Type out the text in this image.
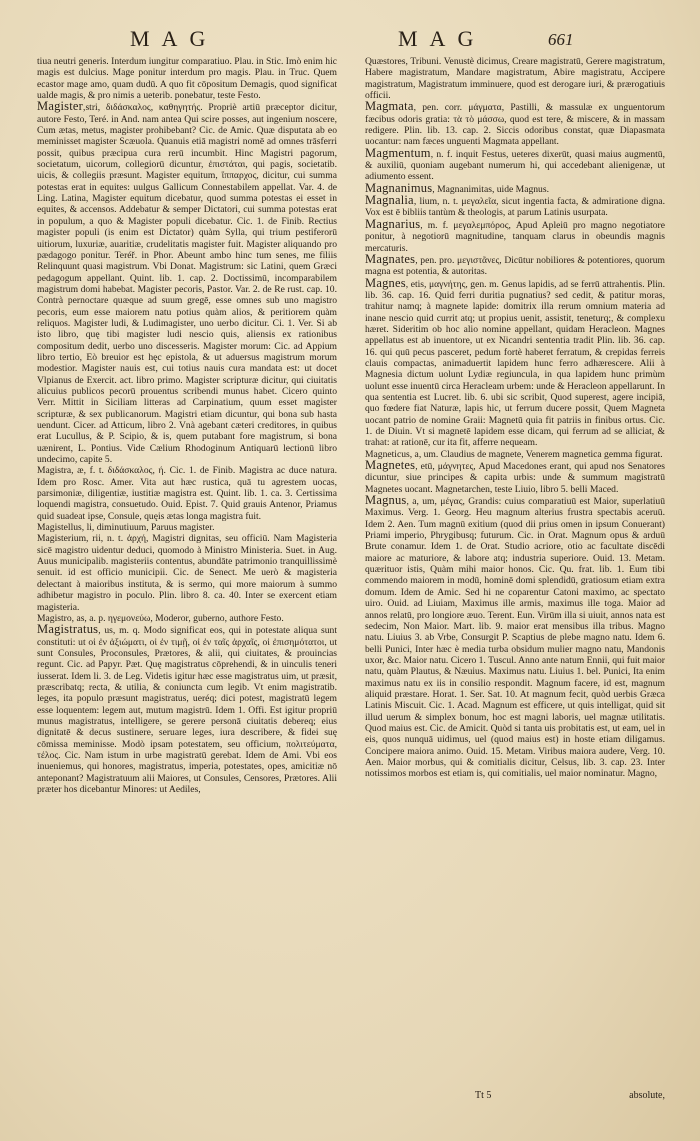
MAG	MAG	661

tiua neutri generis. Interdum iungitur comparatiuo. Plau. in Stic. Imò enim hic magis est dulcius. Mage ponitur interdum pro magis. Plau. in Truc. Quem ecastor mage amo, quam dudū. A quo fit cōpositum Demagis, quod significat ualde magis, & pro nimis a ueterib. ponebatur, teste Festo.

Magister,stri, διδάσκαλος, καθηγητής. Propriè artiū præceptor dicitur, autore Festo, Teré. in And. nam antea Qui scire posses, aut ingenium noscere, Cum ætas, metus, magister prohibebant? Cic. de Amic. Quæ disputata ab eo meminisset magister Scæuola. Quanuis etiā magistri nomē ad omnes trāsferri possit, quibus præcipua cura rerū incumbit. Hinc Magistri pagorum, societatum, uicorum, collegiorū dicuntur, ἐπιστάται, qui pagis, societatib. uicis, & collegiis præsunt. Magister equitum, ἵππαρχος, dicitur, cui summa potestas erat in equites: uulgus Gallicum Connestabilem appellat. Var. 4. de Ling. Latina, Magister equitum dicebatur, quod summa potestas ei esset in equites, & accensos. Addebatur & semper Dictatori, cui summa potestas erat in populum, a quo & Magister populi dicebatur. Cic. 1. de Finib. Rectius magister populi (is enim est Dictator) quàm Sylla, qui trium pestiferorū uitiorum, luxuriæ, auaritiæ, crudelitatis magister fuit. Magister aliquando pro pædagogo ponitur. Teréř. in Phor. Abeunt ambo hinc tum senes, me filiis Relinquunt quasi magistrum. Vbi Donat. Magistrum: sic Latini, quem Græci pedagogum appellant. Quint. lib. 1. cap. 2. Doctissimū, incomparabilem magistrum domi habebat. Magister pecoris, Pastor. Var. 2. de Re rust. cap. 10. Contrà pernoctare quæque ad suum gregē, esse omnes sub uno magistro pecoris, eum esse maiorem natu potius quàm alios, & peritiorem quàm reliquos. Magister ludi, & Ludimagister, uno uerbo dicitur. Ci. 1. Ver. Si ab isto libro, quę tibi magister ludi nescio quis, aliensis ex rationibus compositum dedit, uerbo uno discesseris. Magister morum: Cic. ad Appium libro tertio, Eò breuior est hęc epistola, & ut aduersus magistrum morum modestior. Magister nauis est, cui totius nauis cura mandata est: ut docet Vlpianus de Exercit. act. libro primo. Magister scripturæ dicitur, qui ciuitatis alicuius publicos pecorū prouentus scribendi munus habet. Cicero quinto Verr. Mittit in Siciliam litteras ad Carpinatium, quum esset magister scripturæ, & sex publicanorum. Magistri etiam dicuntur, qui bona sub hasta uendunt. Cicer. ad Atticum, libro 2. Vnà agebant cæteri creditores, in quibus erat Lucullus, & P. Scipio, & is, quem putabant fore magistrum, si bona uænirent, L. Pontius. Vide Cælium Rhodoginum Antiquarū lectionū libro undecimo, capite 5.

Magistra, æ, f. t. διδάσκαλος, ή. Cic. 1. de Finib. Magistra ac duce natura. Idem pro Rosc. Amer. Vita aut hæc rustica, quā tu agrestem uocas, parsimoniæ, diligentiæ, iustitiæ magistra est. Quint. lib. 1. ca. 3. Certissima loquendi magistra, consuetudo. Ouid. Epist. 7. Quid grauis Antenor, Priamus quid suadeat ipse, Consule, quęis ætas longa magistra fuit.

Magistellus, li, diminutiuum, Paruus magister.

Magisterium, rii, n. t. ἀρχή, Magistri dignitas, seu officiū. Nam Magisteria sicē magistro uidentur deduci, quomodo à Ministro Ministeria. Suet. in Aug. Auus municipalib. magisteriis contentus, abundāte patrimonio tranquillissimè senuit. id est officio municipii. Cic. de Senect. Me uerò & magisteria delectant à maioribus instituta, & is sermo, qui more maiorum à summo adhibetur magistro in poculo. Plin. libro 8. ca. 40. Inter se exercent etiam magisteria.

Magistro, as, a. p. ηγεμονεύω, Moderor, guberno, authore Festo.

Magistratus, us, m. q. Modo significat eos, qui in potestate aliqua sunt constituti: ut οἱ ἐν ἀξιώματι, οἱ ἐν τιμῇ, οἱ ἐν ταῖς ἀρχαῖς, οἱ ἐπισημότατοι, ut sunt Consules, Proconsules, Prætores, & alii, qui ciuitates, & prouincias regunt. Cic. ad Papyr. Pæt. Quę magistratus cōprehendi, & in uinculis teneri iusserat. Idem li. 3. de Leg. Videtis igitur hæc esse magistratus uim, ut præsit, præscribatq; recta, & utilia, & coniuncta cum legib. Vt enim magistratib. leges, ita populo præsunt magistratus, ueréq; dici potest, magistratū legem esse loquentem: legem aut, mutum magistrū. Idem 1. Offi. Est igitur propriū munus magistratus, intelligere, se gerere personā ciuitatis debereq; eius dignitatē & decus sustinere, seruare leges, iura describere, & fidei suę cōmissa meminisse. Modò ipsam potestatem, seu officium, πολιτεύματα, τέλος. Cic. Nam istum in urbe magistratū gerebat. Idem de Ami. Vbi eos inueniemus, qui honores, magistratus, imperia, potestates, opes, amicitiæ nō anteponant? Magistratuum alii Maiores, ut Consules, Censores, Prætores. Alii præter hos dicebantur Minores: ut Aediles,

Quæstores, Tribuni. Venustè dicimus, Creare magistratū, Gerere magistratum, Habere magistratum, Mandare magistratum, Abire magistratu, Accipere magistratum, Magistratum imminuere, quod est derogare iuri, & prærogatiuis officii.

Magmata, pen. corr. μάγματα, Pastilli, & massulæ ex unguentorum fæcibus odoris gratia: τὰ τὸ μάσσω, quod est tere, & miscere, & in massam redigere. Plin. lib. 13. cap. 2. Siccis odoribus constat, quæ Diapasmata uocantur: nam fæces unguenti Magmata appellant.

Magmentum, n. f. inquit Festus, ueteres dixerūt, quasi maius augmentū, & auxiliū, quoniam augebant numerum hi, qui accedebant alienigenæ, ut adiumento essent.

Magnanimus, Magnanimitas, uide Magnus.

Magnalia, lium, n. t. μεγαλεῖα, sicut ingentia facta, & admiratione digna. Vox est ē bibliis tantùm & theologis, at parum Latinis usurpata.

Magnarius, m. f. μεγαλεμπόρος, Apud Apleiū pro magno negotiatore ponitur, à negotiorū magnitudine, tanquam clarus in obeundis magnis mercaturis.

Magnates, pen. pro. μεγιστᾶνες, Dicūtur nobiliores & potentiores, quorum magna est potentia, & autoritas.

Magnes, etis, μαγνήτης, gen. m. Genus lapidis, ad se ferrū attrahentis. Plin. lib. 36. cap. 16. Quid ferri duritia pugnatius? sed cedit, & patitur moras, trahitur namq; à magnete lapide: domitrix illa rerum omnium materia ad inane nescio quid currit atq; ut propius uenit, assistit, teneturq;, & complexu hæret. Sideritim ob hoc alio nomine appellant, quidam Heracleon. Magnes appellatus est ab inuentore, ut ex Nicandri sententia tradit Plin. lib. 36. cap. 16. qui quū pecus pasceret, pedum fortè haberet ferratum, & crepidas ferreis clauis compactas, animaduertit lapidem hunc ferro adhærescere. Alii à Magnesia dictum uolunt Lydiæ regiuncula, in qua lapidem hunc primùm uolunt esse inuentū circa Heracleam urbem: unde & Heracleon appellarunt. In qua sententia est Lucret. lib. 6. ubi sic scribit, Quod superest, agere incipiā, quo fœdere fiat Naturæ, lapis hic, ut ferrum ducere possit, Quem Magneta uocant patrio de nomine Graii: Magnetū quia fit patriis in finibus ortus. Cic. 1. de Diuin. Vt si magnetē lapidem esse dicam, qui ferrum ad se alliciat, & trahat: at rationē, cur ita fit, afferre nequeam.

Magneticus, a, um. Claudius de magnete, Venerem magnetica gemma figurat.

Magnetes, etū, μάγνητες, Apud Macedones erant, qui apud nos Senatores dicuntur, siue principes & capita urbis: unde & summum magistratū Magnetes uocant. Magnetarchen, teste Liuio, libro 5. belli Maced.

Magnus, a, um, μέγας, Grandis: cuius comparatiuū est Maior, superlatiuū Maximus. Verg. 1. Georg. Heu magnum alterius frustra spectabis aceruū. Idem 2. Aen. Tum magnū exitium (quod dii prius omen in ipsum Conuerant) Priami imperio, Phrygibusq; futurum. Cic. in Orat. Magnum opus & arduū Brute conamur. Idem 1. de Orat. Studio acriore, otio ac facultate discēdi maiore ac maturiore, & labore atq; industria superiore. Ouid. 13. Metam. quærituor istis, Quàm mihi maior honos. Cic. Qu. frat. lib. 1. Eum tibi commendo maiorem in modū, hominē domi splendidū, gratiosum etiam extra domum. Idem de Amic. Sed hi ne coparentur Catoni maximo, ac spectato uiro. Ouid. ad Liuiam, Maximus ille armis, maximus ille toga. Maior ad annos relatū, pro longiore æuo. Terent. Eun. Virūm illa si uiuit, annos nata est sedecim, Non Maior. Mart. lib. 9. maior erat mensibus illa tribus. Magno natu. Liuius 3. ab Vrbe, Consurgit P. Scaptius de plebe magno natu. Idem 6. belli Punici, Inter hæc è media turba obsidum mulier magno natu, Mandonis uxor, &c. Maior natu. Cicero 1. Tuscul. Anno ante natum Ennii, qui fuit maior natu, quàm Plautus, & Næuius. Maximus natu. Liuius 1. bel. Punici, Ita enim maximus natu ex iis in consilio respondit. Magnum facere, id est, magnum aliquid præstare. Horat. 1. Ser. Sat. 10. At magnum fecit, quòd uerbis Græca Latinis Miscuit. Cic. 1. Acad. Magnum est efficere, ut quis intelligat, quid sit illud uerum & simplex bonum, hoc est magni laboris, uel magnæ utilitatis. Quod maius est. Cic. de Amicit. Quòd si tanta uis probitatis est, ut eam, uel in eis, quos nunquā uidimus, uel (quod maius est) in hoste etiam diligamus. Concipere maiora animo. Ouid. 15. Metam. Viribus maiora audere, Verg. 10. Aen. Maior morbus, qui & comitialis dicitur, Celsus, lib. 3. cap. 23. Inter notissimos morbos est etiam is, qui comitialis, uel maior nominatur. Magno,

Tt 5	absolute,
